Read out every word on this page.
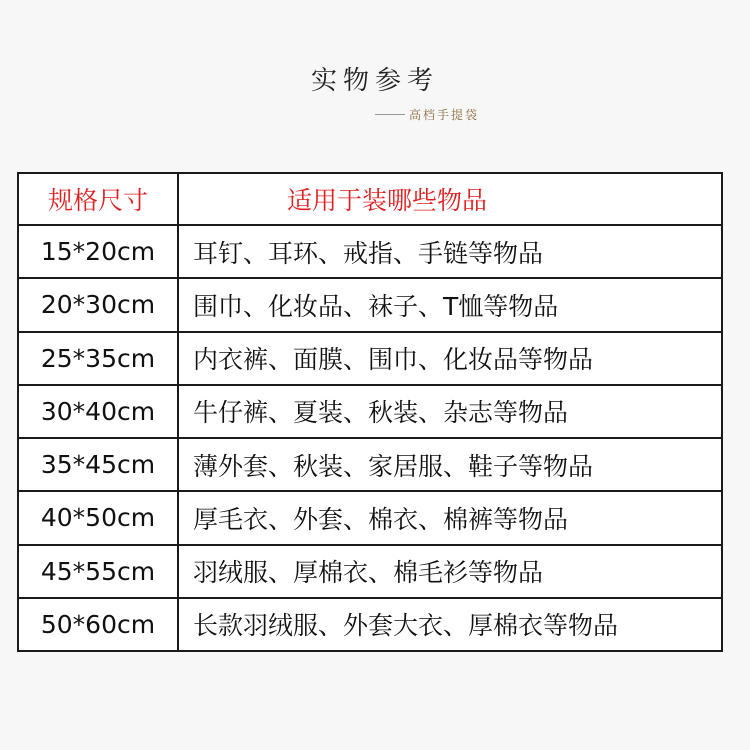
实物参考
高档手提袋
规格尺寸	适用于装哪些物品
15*20cm	耳钉、耳环、戒指、手链等物品
20*30cm	围巾、化妆品、袜子、T恤等物品
25*35cm	内衣裤、面膜、围巾、化妆品等物品
30*40cm	牛仔裤、夏装、秋装、杂志等物品
35*45cm	薄外套、秋装、家居服、鞋子等物品
40*50cm	厚毛衣、外套、棉衣、棉裤等物品
45*55cm	羽绒服、厚棉衣、棉毛衫等物品
50*60cm	长款羽绒服、外套大衣、厚棉衣等物品
